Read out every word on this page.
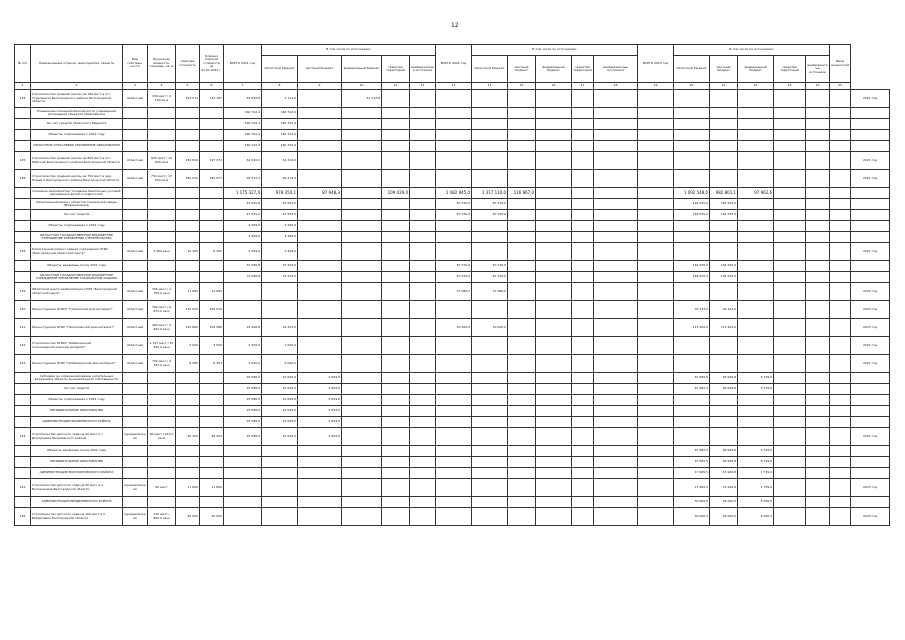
12
№ п/п	Наименование отрасли, мероприятия, объекта	Вид собствен-ности	Проектная мощность, площадь, кв. м	Сметная стоимость	Освоено сметной стоимости на 01.01.2021 г.	ВСЕГО 2021 год	В том числе по источникам:					ВСЕГО 2022 год	В том числе по источникам:					ВСЕГО 2023 год	В том числе по источникам:					Ввод мощностей	
							областной бюджет	местный бюджет	федеральный бюджет	средства территорий	внебюджетные источники		областной бюджет	местный бюджет	федеральный бюджет	средства территорий	внебюджетные источники		областной бюджет	местный бюджет	федеральный бюджет	средства территорий	внебюджетные источники		
1	2	3	4	5	6	7	8	9	10	11	12	13	14	15	16	17	18	19	20	21	22	23	24	25	
134	Строительство средней школы на 150 мест в пгт. Стрелецкое Белгородского района Белгородской области	областная	150 мест / 4 100 кв.м	203 074	143 187	59 826,8	2 114,0		57 712,8																2021 год
	Повышение пожарной безопасности учреждений (Оснащение объектов образования)					160 722,4	160 722,4																		
	За счет средств областного бюджета					160 722,4	160 722,4																		
	Объекты, подлежащие к 2021 году					160 722,4	160 722,4																		
	ОБЛАСТНОЕ ОТРАСЛЕВОЕ УПРАВЛЕНИЕ ОБРАЗОВАНИЯ					160 722,4	160 722,4																		
135	Строительство средней школы на 825 мест в пгт. Майский Белгородского района Белгородской области	областная	825 мест / 14 000 кв.м	254 810	197 372	61 410,0	61 410,0																		2021 год
136	Строительство средней школы на 750 мест в мкр. Новый-2 Белгородского района Белгородской области	областная	750 мест / 17 500 кв.м	320 010	181 077	99 312,4	99 312,4																		2021 год
	Основное мероприятие "Создание безопасных условий проживания детей и подростков"					1 175 327,4	978 350,1	87 948,3		109 029,0		1 482 945,0	1 317 110,0	116 867,0					1 092 548,0	982 801,1	97 962,6				
	Капитальный ремонт объектов социальной сферы (Модернизация)					43 565,8	43 552,0					87 076,0	87 076,0						164 525,0	164 525,0					
	За счет средств					47 815,0	43 552,0					87 076,0	87 076,0						164 525,0	164 525,0					
	Объекты, подлежащие к 2021 году					9 499,0	4 499,0																		
	ОБЛАСТНОЕ ГОСУДАРСТВЕННОЕ БЮДЖЕТНОЕ УЧРЕЖДЕНИЕ УПРАВЛЕНИЕ СТРОИТЕЛЬСТВА					9 499,0	4 499,0																		
138	Капитальный ремонт здания учреждения ОГБУ "Белгородский областной центр"	областная	4 500 кв.м	10 409	6 400	9 499,0	4 499,0																		2021 год
	Объекты, вводимые после 2021 года					37 066,8	37 253,0					87 076,0	87 076,0						164 525,0	164 525,0					
	ОБЛАСТНОЕ ГОСУДАРСТВЕННОЕ БЮДЖЕТНОЕ УЧРЕЖДЕНИЕ УПРАВЛЕНИЕ СОЦИАЛЬНОЙ ЗАЩИТЫ					37 066,8	37 253,0					87 076,0	87 076,0						164 525,0	164 525,0					
139	Областной центр реабилитации ОГБУ "Белгородский областной центр"	областная	300 мест / 1 750,0 кв.м	17 684	12 684							37 086,0	37 086,0												2022 год
140	Реконструкция ОГБСУ "Губкинский дом-интернат"	областная	300 мест / 9 672,0 кв.м	122 025	100 010														49 123,0	49 123,0					2023 год
141	Реконструкция ОГБУ "Прохоровский дом-интернат"	областная	400 мест / 2 402,0 кв.м	142 660	102 586	24 066,8	24 253,0					50 000,0	50 000,0						115 402,0	115 402,0					2023 год
142	Строительство ОГБСУ "Шебекинский психоневрологический интернат"	областная	1 127 мест / 10 350,0 кв.м	5 000	3 500	5 000,0	1 000,0																		2021 год
143	Реконструкция ОГБУ "Грайворонский дом-интернат"	областная	700 мест / 4 347,0 кв.м	8 285	6 353	5 000,0	5 000,0																		2021 год
	Субсидии на софинансирование капитальных вложений в объекты муниципальной собственности					25 586,0	22 009,0	2 654,0											67 665,5	60 926,8	6 739,0				
	За счет средств					25 586,0	22 009,0	2 654,0											67 665,5	60 926,8	6 739,0				
	Объекты, подлежащие к 2021 году					25 586,0	22 009,0	2 654,0																	
	МУНИЦИПАЛЬНЫЕ ОБРАЗОВАНИЯ					25 586,0	22 009,0	2 654,0																	
	АДМИНИСТРАЦИЯ ЯКОВЛЕВСКОГО РАЙОНА					25 586,0	22 009,0	2 654,0																	
144	Строительство детского сада на 60 мест в с. Дмитриевка Яковлевского района	муниципальная	60 мест / 912,0 кв.м	40 100	28 504	25 586,0	22 009,0	2 654,0																	2021 год
	Объекты, вводимые после 2021 года																		67 665,5	60 926,8	6 739,0				
	МУНИЦИПАЛЬНЫЕ ОБРАЗОВАНИЯ																		67 665,5	60 926,8	6 739,0				
	АДМИНИСТРАЦИЯ ВОЛОКОНОВСКОГО РАЙОНА																		17 665,5	15 926,8	1 739,0				
145	Строительство детского сада на 60 мест в п. Волоконовка Белгородской области	муниципальная	60 мест	17 600	11 800														17 665,5	15 926,8	1 739,0				2023 год
	АДМИНИСТРАЦИЯ ВЕЙДЕЛЕВСКОГО РАЙОНА																		50 000,0	45 000,0	5 000,0				
146	Строительство детского сада на 150 мест в п. Вейделевка Белгородской области	муниципальная	150 мест / 800,0 кв.м	56 000	50 000														50 000,0	45 000,0	5 000,0				2023 год
